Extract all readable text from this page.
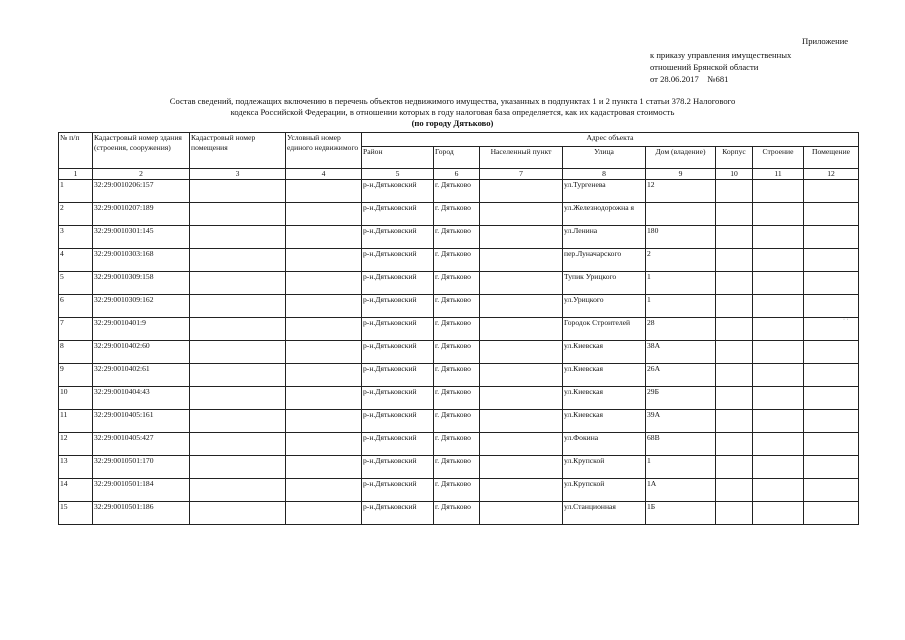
Приложение
к приказу управления имущественных
отношений Брянской области
от 28.06.2017    №681
Состав сведений, подлежащих включению в перечень объектов недвижимого имущества, указанных в подпунктах 1 и 2 пункта 1 статьи 378.2 Налогового
кодекса Российской Федерации, в отношении которых в году налоговая база определяется, как их кадастровая стоимость
(по городу Дятьково)
№ п/п	Кадастровый номер здания (строения, сооружения)	Кадастровый номер помещения	Условный номер единого недвижимого	Адрес объекта							
				Район	Город	Населенный пункт	Улица	Дом (владение)	Корпус	Строение	Помещение
1	2	3	4	5	6	7	8	9	10	11	12
1	32:29:0010206:157			р-н.Дятьковский	г. Дятьково		ул.Тургенева	12			
2	32:29:0010207:189			р-н.Дятьковский	г. Дятьково		ул.Железнодорожна я				
3	32:29:0010301:145			р-н.Дятьковский	г. Дятьково		ул.Ленина	180			
4	32:29:0010303:168			р-н.Дятьковский	г. Дятьково		пер.Луначарского	2			
5	32:29:0010309:158			р-н.Дятьковский	г. Дятьково		Тупик Урицкого	1			
6	32:29:0010309:162			р-н.Дятьковский	г. Дятьково		ул.Урицкого	1			
7	32:29:0010401:9			р-н.Дятьковский	г. Дятьково		Городок Строителей	28			
8	32:29:0010402:60			р-н.Дятьковский	г. Дятьково		ул.Киевская	38А			
9	32:29:0010402:61			р-н.Дятьковский	г. Дятьково		ул.Киевская	26А			
10	32:29:0010404:43			р-н.Дятьковский	г. Дятьково		ул.Киевская	29Б			
11	32:29:0010405:161			р-н.Дятьковский	г. Дятьково		ул.Киевская	39А			
12	32:29:0010405:427			р-н.Дятьковский	г. Дятьково		ул.Фокина	68В			
13	32:29:0010501:170			р-н.Дятьковский	г. Дятьково		ул.Крупской	1			
14	32:29:0010501:184			р-н.Дятьковский	г. Дятьково		ул.Крупской	1А			
15	32:29:0010501:186			р-н.Дятьковский	г. Дятьково		ул.Станционная	1Б			
· ·
